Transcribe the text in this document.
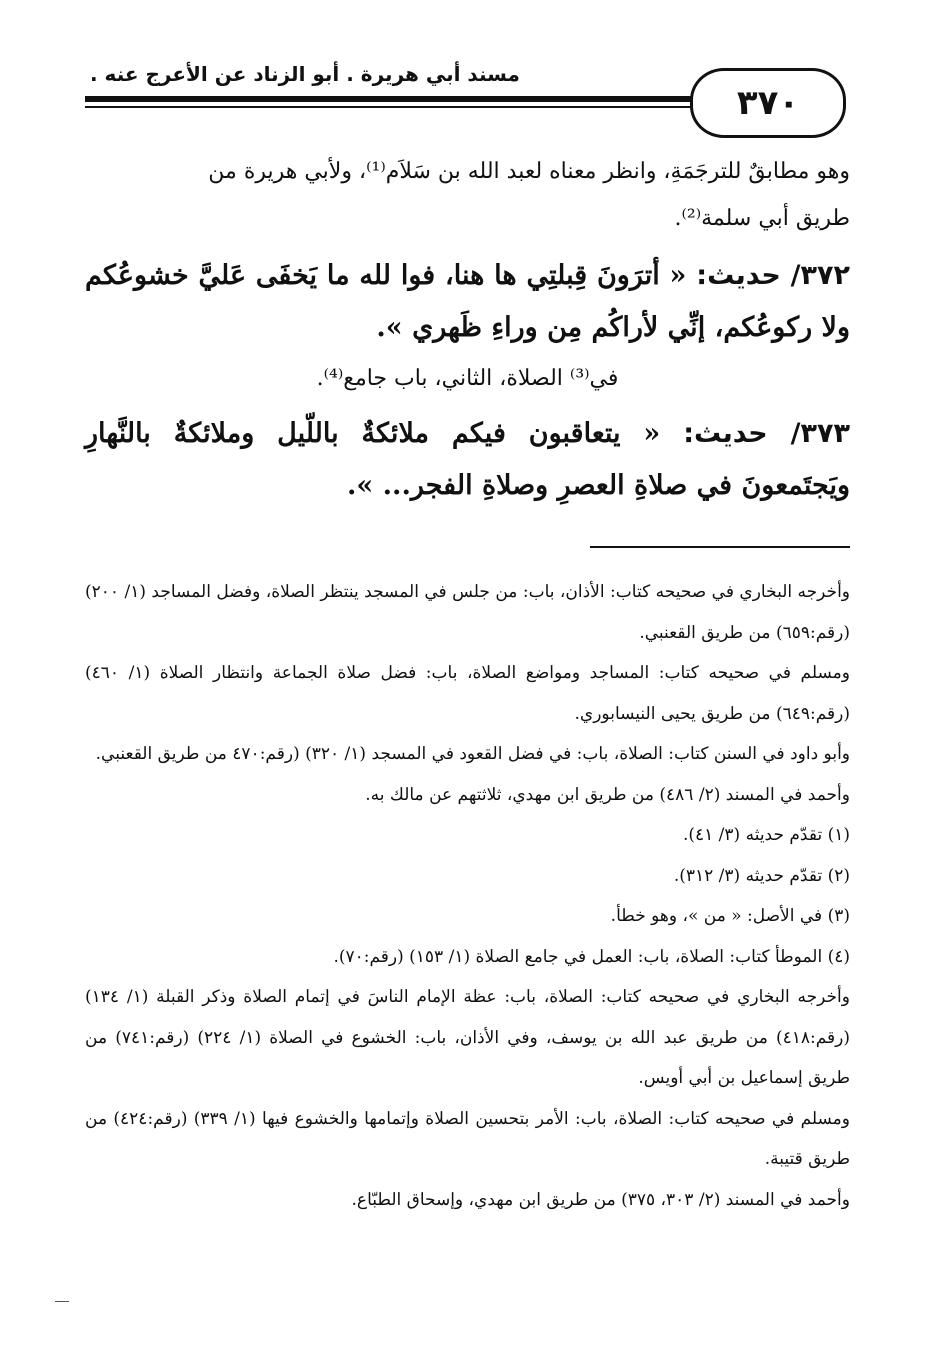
مسند أبي هريرة . أبو الزناد عن الأعرج عنه .
٣٧٠

وهو مطابقٌ للترجَمَةِ، وانظر معناه لعبد الله بن سَلاَم⁽¹⁾، ولأبي هريرة من

طريق أبي سلمة⁽²⁾.

٣٧٢/ حديث: « أترَونَ قِبلتِي ها هنا، فوا لله ما يَخفَى عَليَّ خشوعُكم ولا ركوعُكم، إنِّي لأراكُم مِن وراءِ ظَهري ».

في⁽³⁾ الصلاة، الثاني، باب جامع⁽⁴⁾.

٣٧٣/ حديث: « يتعاقبون فيكم ملائكةٌ باللّيل وملائكةٌ بالنَّهارِ ويَجتَمعونَ في صلاةِ العصرِ وصلاةِ الفجر... ».

وأخرجه البخاري في صحيحه كتاب: الأذان، باب: من جلس في المسجد ينتظر الصلاة، وفضل المساجد (١/ ٢٠٠) (رقم:٦٥٩) من طريق القعنبي.

ومسلم في صحيحه كتاب: المساجد ومواضع الصلاة، باب: فضل صلاة الجماعة وانتظار الصلاة (١/ ٤٦٠) (رقم:٦٤٩) من طريق يحيى النيسابوري.

وأبو داود في السنن كتاب: الصلاة، باب: في فضل القعود في المسجد (١/ ٣٢٠) (رقم:٤٧٠ من طريق القعنبي.

وأحمد في المسند (٢/ ٤٨٦) من طريق ابن مهدي، ثلاثتهم عن مالك به.

(١) تقدّم حديثه (٣/ ٤١).

(٢) تقدّم حديثه (٣/ ٣١٢).

(٣) في الأصل: « من »، وهو خطأ.

(٤) الموطأ كتاب: الصلاة، باب: العمل في جامع الصلاة (١/ ١٥٣) (رقم:٧٠).

وأخرجه البخاري في صحيحه كتاب: الصلاة، باب: عظة الإمام الناسَ في إتمام الصلاة وذكر القبلة (١/ ١٣٤) (رقم:٤١٨) من طريق عبد الله بن يوسف، وفي الأذان، باب: الخشوع في الصلاة (١/ ٢٢٤) (رقم:٧٤١) من طريق إسماعيل بن أبي أويس.

ومسلم في صحيحه كتاب: الصلاة، باب: الأمر بتحسين الصلاة وإتمامها والخشوع فيها (١/ ٣٣٩) (رقم:٤٢٤) من طريق قتيبة.

وأحمد في المسند (٢/ ٣٠٣، ٣٧٥) من طريق ابن مهدي، وإسحاق الطبّاع.
